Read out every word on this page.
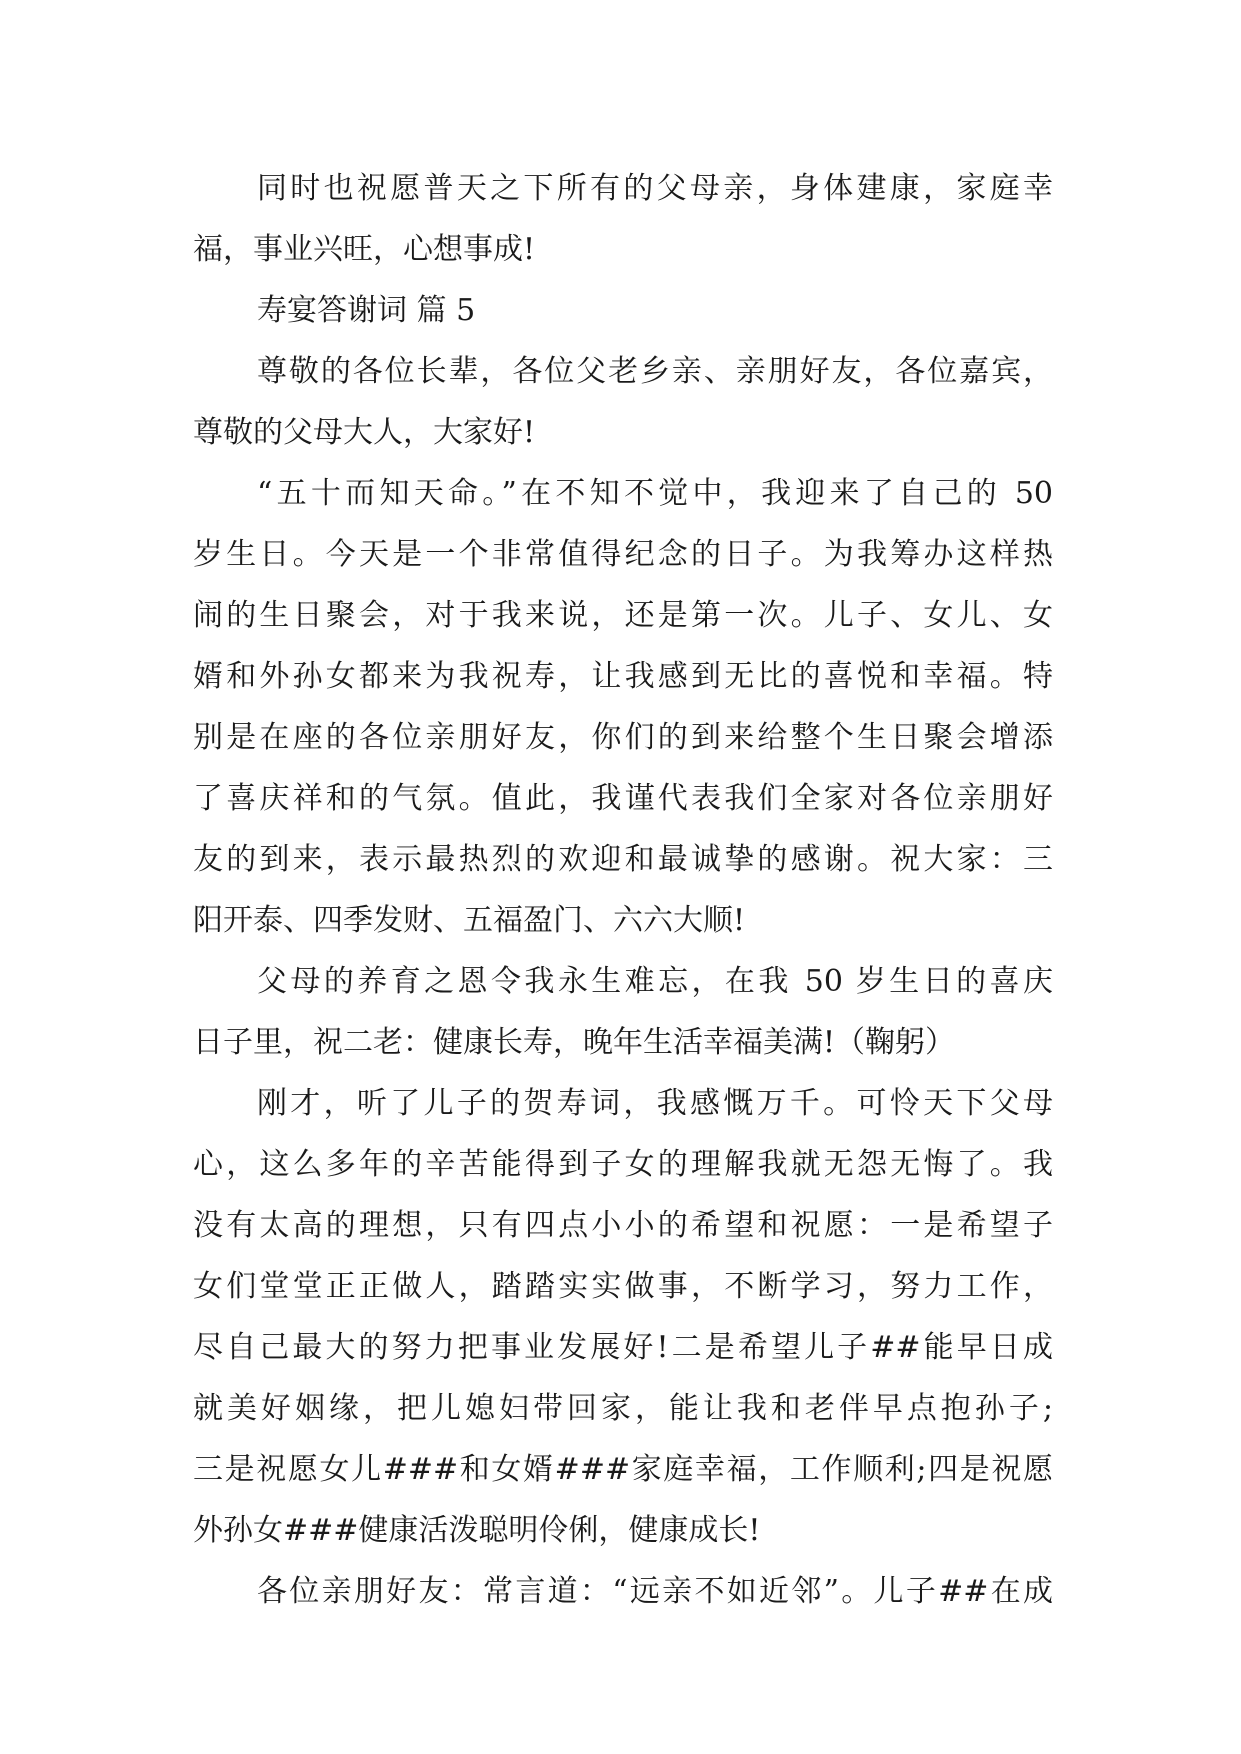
同时也祝愿普天之下所有的父母亲，身体建康，家庭幸
福，事业兴旺，心想事成!
寿宴答谢词 篇 5
尊敬的各位长辈，各位父老乡亲、亲朋好友，各位嘉宾，
尊敬的父母大人，大家好!
“五十而知天命。”在不知不觉中，我迎来了自己的 50
岁生日。今天是一个非常值得纪念的日子。为我筹办这样热
闹的生日聚会，对于我来说，还是第一次。儿子、女儿、女
婿和外孙女都来为我祝寿，让我感到无比的喜悦和幸福。特
别是在座的各位亲朋好友，你们的到来给整个生日聚会增添
了喜庆祥和的气氛。值此，我谨代表我们全家对各位亲朋好
友的到来，表示最热烈的欢迎和最诚挚的感谢。祝大家：三
阳开泰、四季发财、五福盈门、六六大顺!
父母的养育之恩令我永生难忘，在我 50 岁生日的喜庆
日子里，祝二老：健康长寿，晚年生活幸福美满!（鞠躬）
刚才，听了儿子的贺寿词，我感慨万千。可怜天下父母
心，这么多年的辛苦能得到子女的理解我就无怨无悔了。我
没有太高的理想，只有四点小小的希望和祝愿：一是希望子
女们堂堂正正做人，踏踏实实做事，不断学习，努力工作，
尽自己最大的努力把事业发展好!二是希望儿子##能早日成
就美好姻缘，把儿媳妇带回家，能让我和老伴早点抱孙子;
三是祝愿女儿###和女婿###家庭幸福，工作顺利;四是祝愿
外孙女###健康活泼聪明伶俐，健康成长!
各位亲朋好友：常言道：“远亲不如近邻”。儿子##在成
